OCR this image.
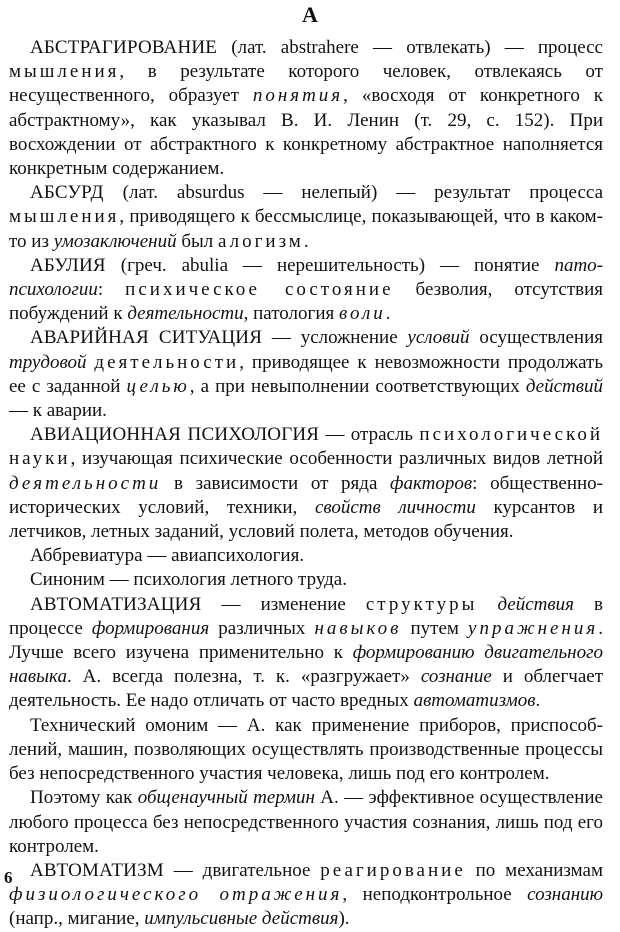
А

АБСТРАГИРОВАНИЕ (лат. abstrahere — отвлекать) — процесс мышления, в результате которого человек, отвлекаясь от несущественного, образует понятия, «восходя от конкретного к абстрактному», как указывал В. И. Ленин (т. 29, с. 152). При восхождении от абстрактного к конкретному абстрактное наполняется конкретным содержанием.

АБСУРД (лат. absurdus — нелепый) — результат процесса мышления, приводящего к бессмыслице, показывающей, что в каком-то из умозаключений был алогизм.

АБУЛИЯ (греч. abulia — нерешительность) — понятие патопсихологии: психическое состояние безволия, отсутствия побуждений к деятельности, патология воли.

АВАРИЙНАЯ СИТУАЦИЯ — усложнение условий осуществления трудовой деятельности, приводящее к невозможности продолжать ее с заданной целью, а при невыполнении соответствующих действий — к аварии.

АВИАЦИОННАЯ ПСИХОЛОГИЯ — отрасль психологической науки, изучающая психические особенности различных видов летной деятельности в зависимости от ряда факторов: общественно-исторических условий, техники, свойств личности курсантов и летчиков, летных заданий, условий полета, методов обучения.

Аббревиатура — авиапсихология.

Синоним — психология летного труда.

АВТОМАТИЗАЦИЯ — изменение структуры действия в процессе формирования различных навыков путем упражнения. Лучше всего изучена применительно к формированию двигательного навыка. А. всегда полезна, т. к. «разгружает» сознание и облегчает деятельность. Ее надо отличать от часто вредных автоматизмов.

Технический омоним — А. как применение приборов, приспособлений, машин, позволяющих осуществлять производственные процессы без непосредственного участия человека, лишь под его контролем.

Поэтому как общенаучный термин А. — эффективное осуществление любого процесса без непосредственного участия сознания, лишь под его контролем.

АВТОМАТИЗМ — двигательное реагирование по механизмам физиологического отражения, неподконтрольное сознанию (напр., мигание, импульсивные действия).

6
